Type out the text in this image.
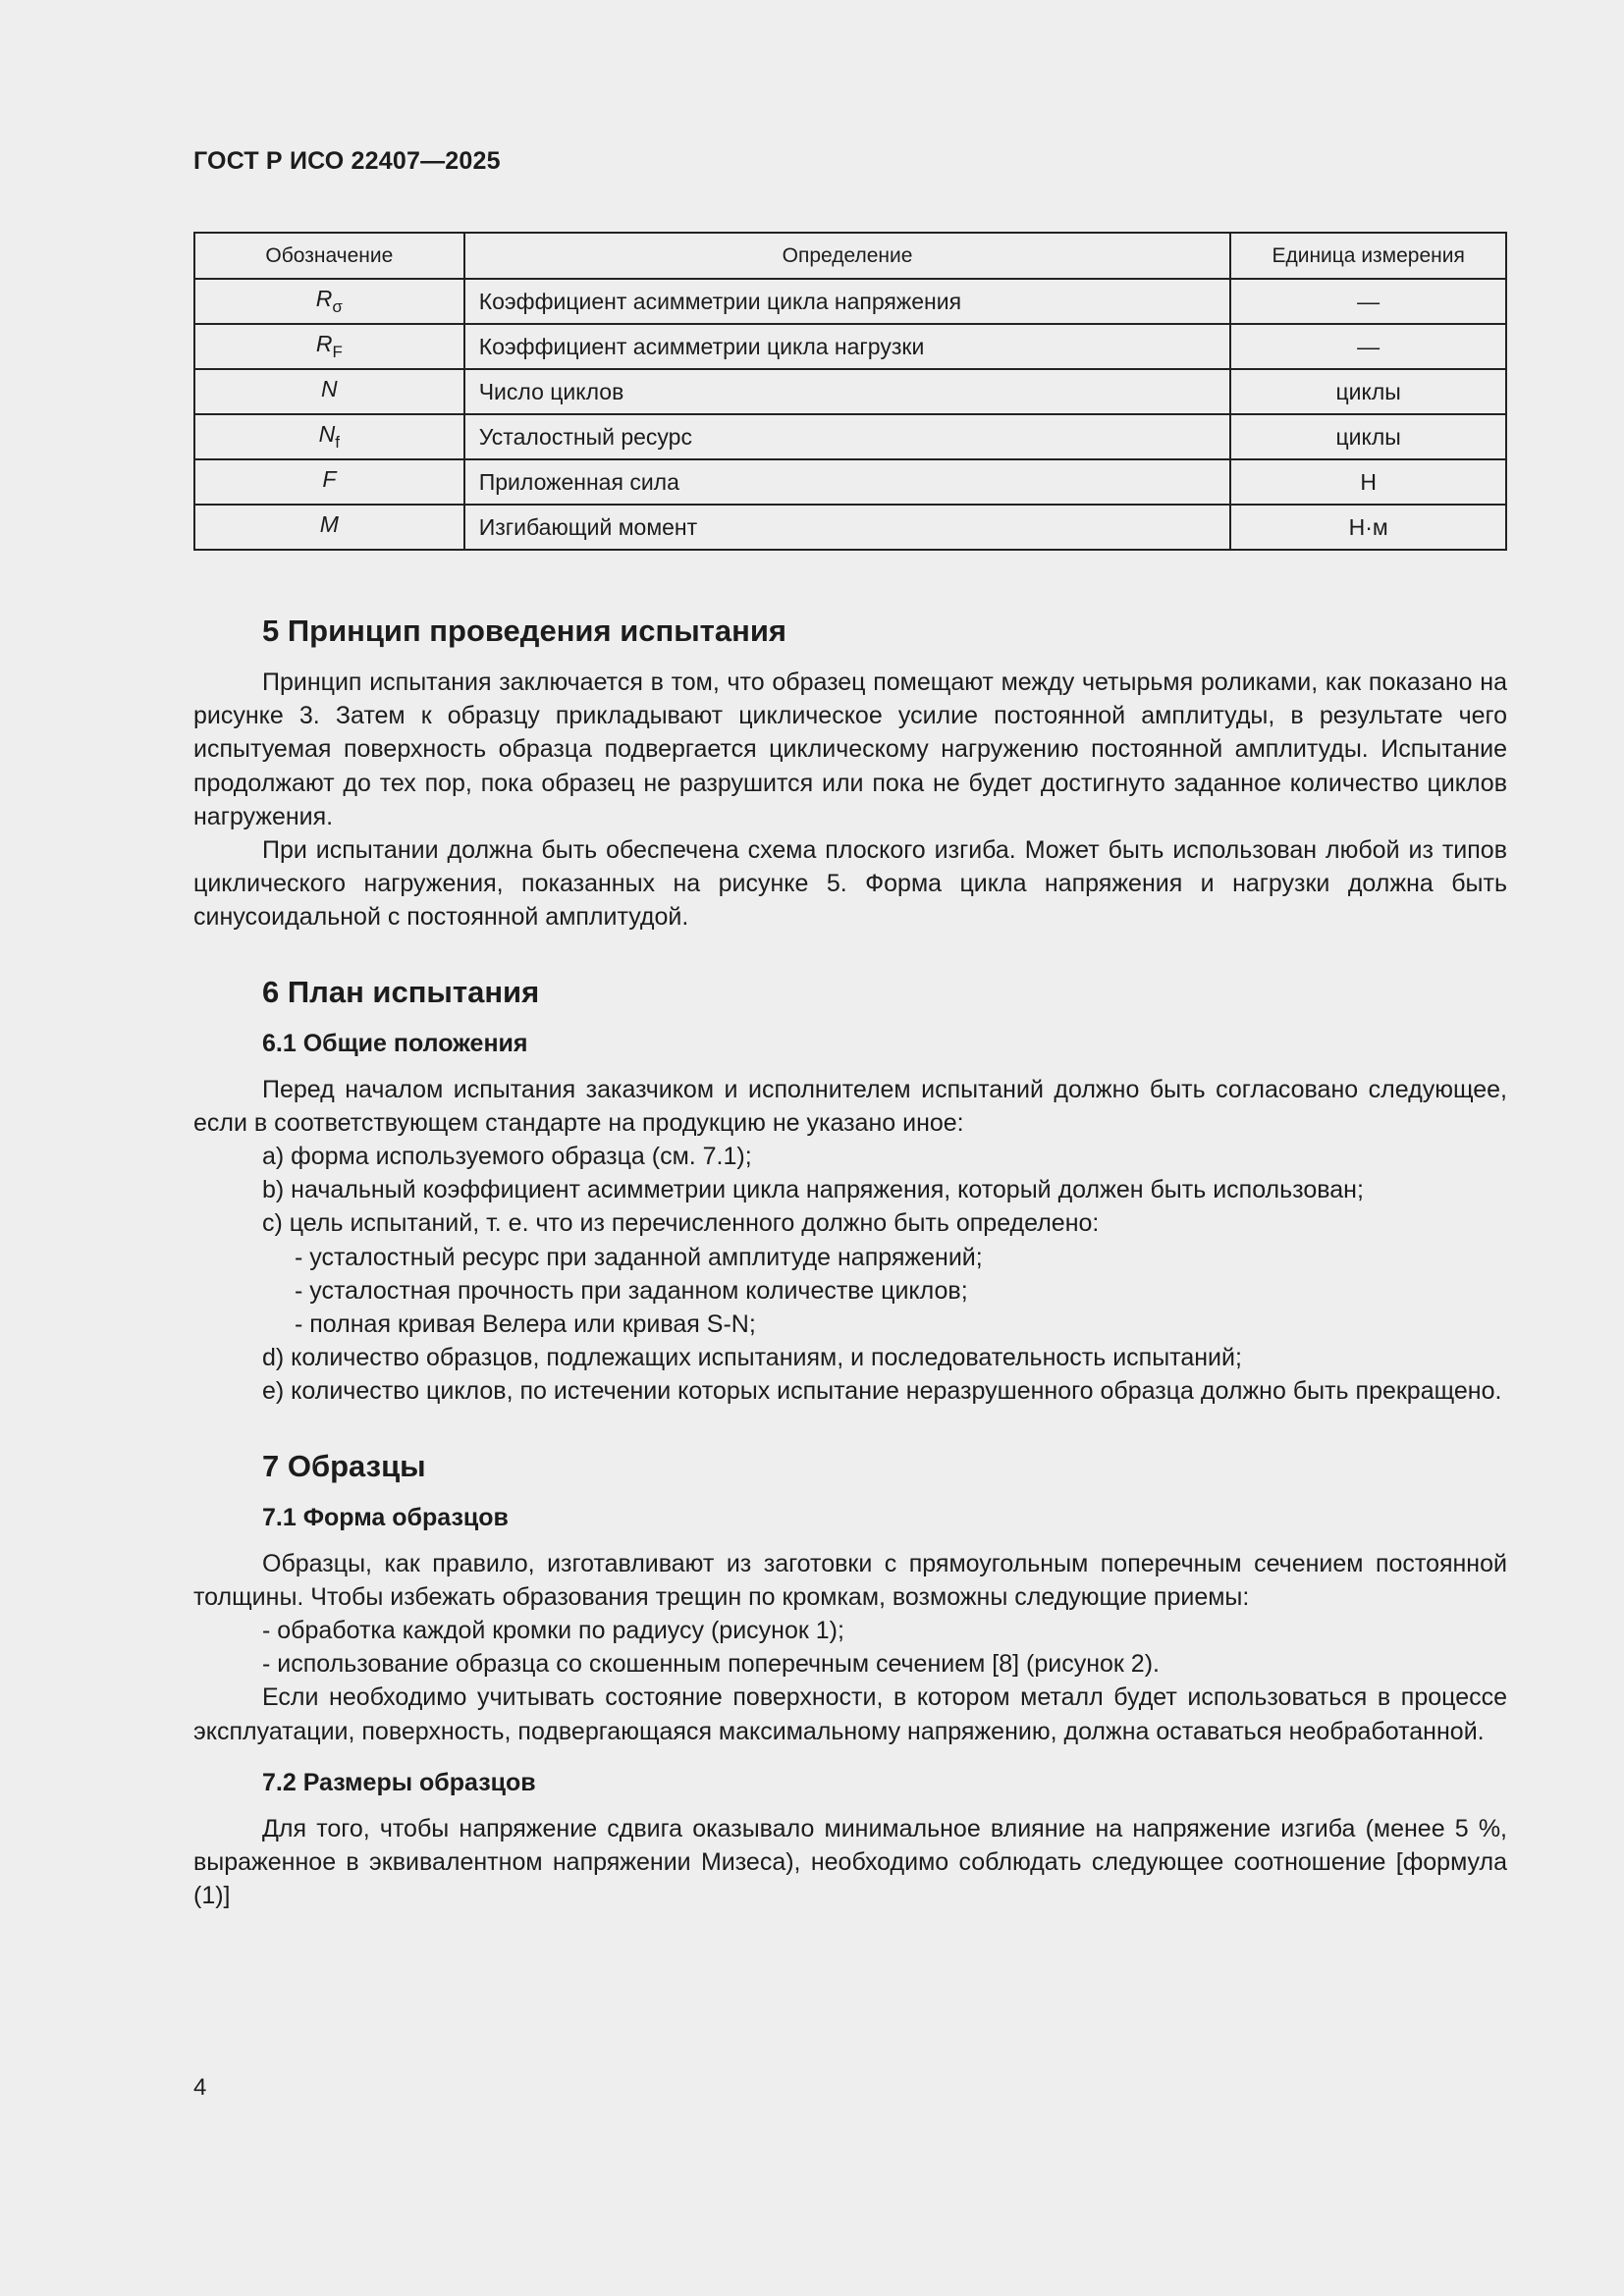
ГОСТ Р ИСО 22407—2025
Обозначение	Определение	Единица измерения
$R_\sigma$	Коэффициент асимметрии цикла напряжения	—
$R_F$	Коэффициент асимметрии цикла нагрузки	—
N	Число циклов	циклы
$N_f$	Усталостный ресурс	циклы
F	Приложенная сила	Н
M	Изгибающий момент	Н·м
5 Принцип проведения испытания

Принцип испытания заключается в том, что образец помещают между четырьмя роликами, как показано на рисунке 3. Затем к образцу прикладывают циклическое усилие постоянной амплитуды, в результате чего испытуемая поверхность образца подвергается циклическому нагружению постоянной амплитуды. Испытание продолжают до тех пор, пока образец не разрушится или пока не будет достигнуто заданное количество циклов нагружения.

При испытании должна быть обеспечена схема плоского изгиба. Может быть использован любой из типов циклического нагружения, показанных на рисунке 5. Форма цикла напряжения и нагрузки должна быть синусоидальной с постоянной амплитудой.

6 План испытания
6.1 Общие положения

Перед началом испытания заказчиком и исполнителем испытаний должно быть согласовано следующее, если в соответствующем стандарте на продукцию не указано иное:

a) форма используемого образца (см. 7.1);
b) начальный коэффициент асимметрии цикла напряжения, который должен быть использован;
c) цель испытаний, т. е. что из перечисленного должно быть определено:
- усталостный ресурс при заданной амплитуде напряжений;
- усталостная прочность при заданном количестве циклов;
- полная кривая Велера или кривая S-N;
d) количество образцов, подлежащих испытаниям, и последовательность испытаний;

e) количество циклов, по истечении которых испытание неразрушенного образца должно быть прекращено.

7 Образцы
7.1 Форма образцов

Образцы, как правило, изготавливают из заготовки с прямоугольным поперечным сечением постоянной толщины. Чтобы избежать образования трещин по кромкам, возможны следующие приемы:

- обработка каждой кромки по радиусу (рисунок 1);
- использование образца со скошенным поперечным сечением [8] (рисунок 2).

Если необходимо учитывать состояние поверхности, в котором металл будет использоваться в процессе эксплуатации, поверхность, подвергающаяся максимальному напряжению, должна оставаться необработанной.

7.2 Размеры образцов

Для того, чтобы напряжение сдвига оказывало минимальное влияние на напряжение изгиба (менее 5 %, выраженное в эквивалентном напряжении Мизеса), необходимо соблюдать следующее соотношение [формула (1)]

4
